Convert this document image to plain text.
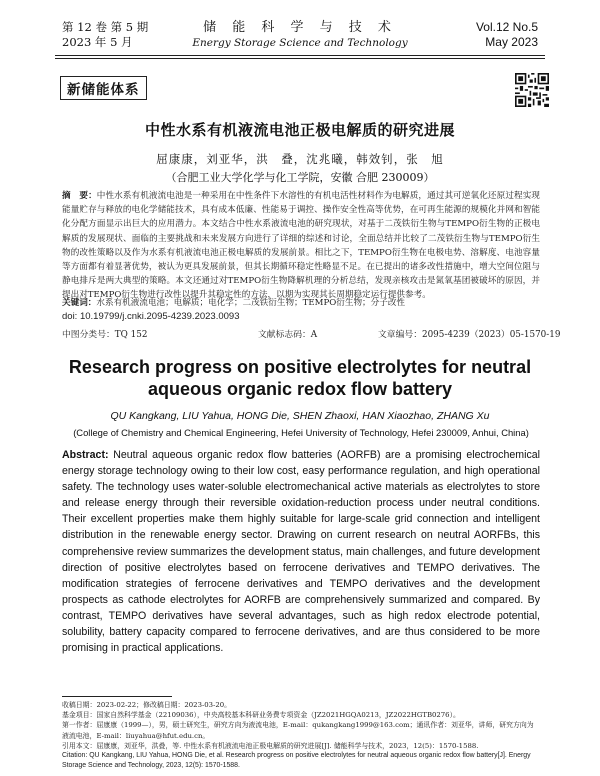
第 12 卷 第 5 期
2023 年 5 月
储 能 科 学 与 技 术
Energy Storage Science and Technology
Vol.12 No.5
May 2023
新储能体系
中性水系有机液流电池正极电解质的研究进展
屈康康，刘亚华，洪　叠，沈兆曦，韩效钊，张　旭
（合肥工业大学化学与化工学院，安徽 合肥 230009）
摘　要：中性水系有机液流电池是一种采用在中性条件下水溶性的有机电活性材料作为电解质，通过其可逆氧化还原过程实现能量贮存与释放的电化学储能技术，具有成本低廉、性能易于调控、操作安全性高等优势，在可再生能源的规模化并网和智能化分配方面显示出巨大的应用潜力。本文结合中性水系液流电池的研究现状，对基于二茂铁衍生物与TEMPO衍生物的正极电解质的发展现状、面临的主要挑战和未来发展方向进行了详细的综述和讨论，全面总结并比较了二茂铁衍生物与TEMPO衍生物的改性策略以及作为水系有机液流电池正极电解质的发展前景。相比之下，TEMPO衍生物在电极电势、溶解度、电池容量等方面都有着显著优势，被认为更具发展前景，但其长期循环稳定性略显不足。在已提出的诸多改性措施中，增大空间位阻与静电排斥是两大典型的策略。本文还通过对TEMPO衍生物降解机理的分析总结，发现亲核攻击是氮氧基团被破坏的原因，并提出对TEMPO衍生物进行改性以提升其稳定性的方法，以期为实现其长周期稳定运行提供参考。
关键词：水系有机液流电池；电解质；电化学；二茂铁衍生物；TEMPO衍生物；分子改性
doi: 10.19799/j.cnki.2095-4239.2023.0093
中图分类号：TQ 152	文献标志码：A	文章编号：2095-4239（2023）05-1570-19
Research progress on positive electrolytes for neutral
aqueous organic redox flow battery
QU Kangkang, LIU Yahua, HONG Die, SHEN Zhaoxi, HAN Xiaozhao, ZHANG Xu
(College of Chemistry and Chemical Engineering, Hefei University of Technology, Hefei 230009, Anhui, China)
Abstract: Neutral aqueous organic redox flow batteries (AORFB) are a promising electrochemical energy storage technology owing to their low cost, easy performance regulation, and high operational safety. The technology uses water-soluble electromechanical active materials as electrolytes to store and release energy through their reversible oxidation-reduction process under neutral conditions. Their excellent properties make them highly suitable for large-scale grid connection and intelligent distribution in the renewable energy sector. Drawing on current research on neutral AORFBs, this comprehensive review summarizes the development status, main challenges, and future development direction of positive electrolytes based on ferrocene derivatives and TEMPO derivatives. The modification strategies of ferrocene derivatives and TEMPO derivatives and the development prospects as cathode electrolytes for AORFB are comprehensively summarized and compared. By contrast, TEMPO derivatives have several advantages, such as high redox electrode potential, solubility, battery capacity compared to ferrocene derivatives, and are thus considered to be more promising in practical applications.
收稿日期：2023-02-22；修改稿日期：2023-03-20。
基金项目：国家自然科学基金（22109036），中央高校基本科研业务费专项资金（JZ2021HGQA0213，JZ2022HGTB0276）。
第一作者：屈康康（1999—），男，硕士研究生，研究方向为液流电池，E-mail：qukangkang1999@163.com；通讯作者：刘亚华，讲师，研究方向为液流电池，E-mail：liuyahua@hfut.edu.cn。
引用本文：屈康康，刘亚华，洪叠，等. 中性水系有机液流电池正极电解质的研究进展[J]. 储能科学与技术，2023，12(5)：1570-1588.
Citation: QU Kangkang, LIU Yahua, HONG Die, et al. Research progress on positive electrolytes for neutral aqueous organic redox flow battery[J]. Energy Storage Science and Technology, 2023, 12(5): 1570-1588.
